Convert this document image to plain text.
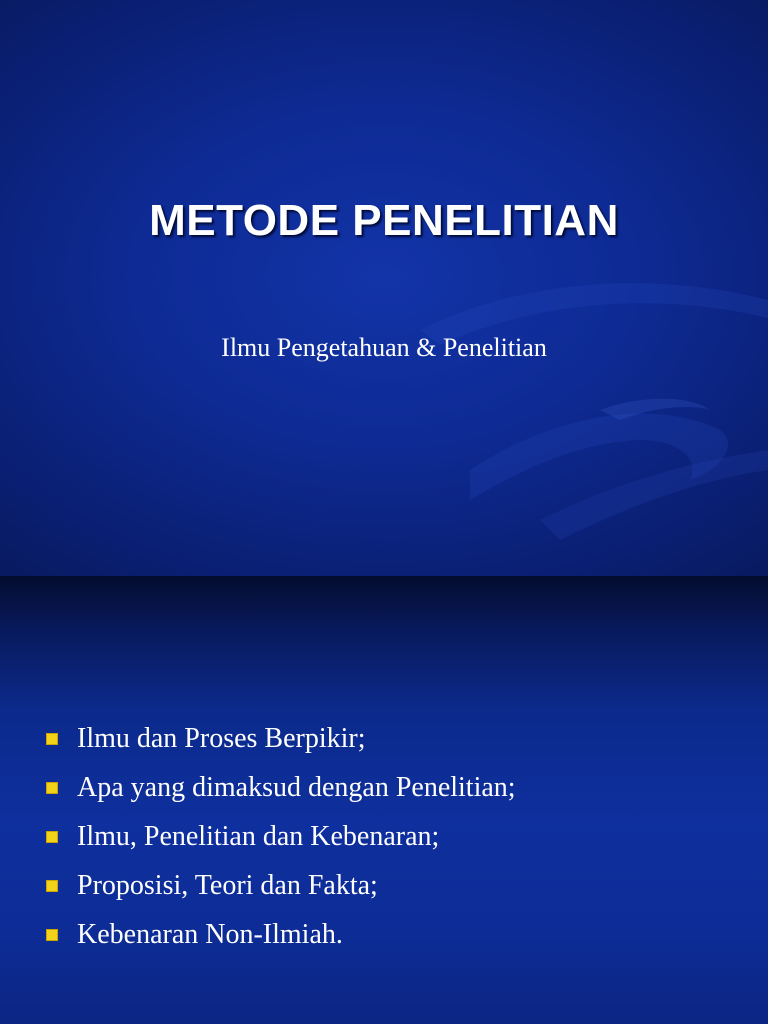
METODE PENELITIAN
Ilmu Pengetahuan & Penelitian
Ilmu dan Proses Berpikir;
Apa yang dimaksud dengan Penelitian;
Ilmu, Penelitian dan Kebenaran;
Proposisi, Teori dan Fakta;
Kebenaran Non-Ilmiah.
